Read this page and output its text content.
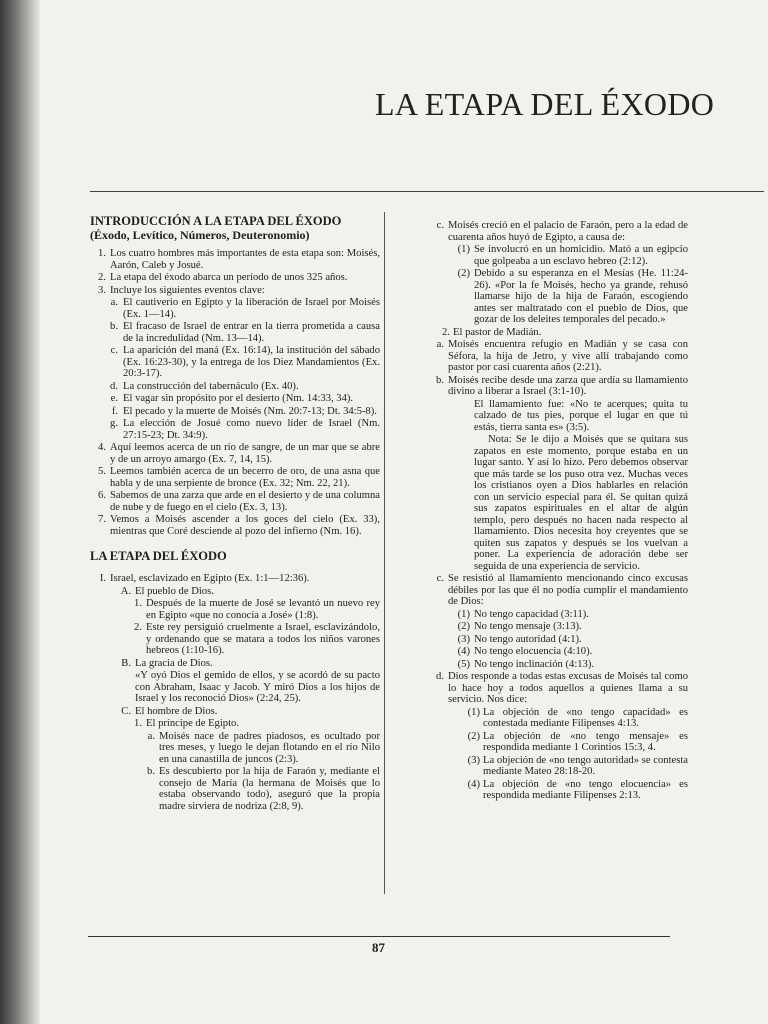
LA ETAPA DEL ÉXODO
INTRODUCCIÓN A LA ETAPA DEL ÉXODO
(Éxodo, Levítico, Números, Deuteronomio)
1. Los cuatro hombres más importantes de esta etapa son: Moisés, Aarón, Caleb y Josué.
2. La etapa del éxodo abarca un período de unos 325 años.
3. Incluye los siguientes eventos clave:
a. El cautiverio en Egipto y la liberación de Israel por Moisés (Ex. 1—14).
b. El fracaso de Israel de entrar en la tierra prometida a causa de la incredulidad (Nm. 13—14).
c. La aparición del maná (Ex. 16:14), la institución del sábado (Ex. 16:23-30), y la entrega de los Diez Mandamientos (Ex. 20:3-17).
d. La construcción del tabernáculo (Ex. 40).
e. El vagar sin propósito por el desierto (Nm. 14:33, 34).
f. El pecado y la muerte de Moisés (Nm. 20:7-13; Dt. 34:5-8).
g. La elección de Josué como nuevo líder de Israel (Nm. 27:15-23; Dt. 34:9).
4. Aquí leemos acerca de un río de sangre, de un mar que se abre y de un arroyo amargo (Ex. 7, 14, 15).
5. Leemos también acerca de un becerro de oro, de una asna que habla y de una serpiente de bronce (Ex. 32; Nm. 22, 21).
6. Sabemos de una zarza que arde en el desierto y de una columna de nube y de fuego en el cielo (Ex. 3, 13).
7. Vemos a Moisés ascender a los goces del cielo (Ex. 33), mientras que Coré desciende al pozo del infierno (Nm. 16).
LA ETAPA DEL ÉXODO
I. Israel, esclavizado en Egipto (Ex. 1:1—12:36).
A. El pueblo de Dios.
1. Después de la muerte de José se levantó un nuevo rey en Egipto «que no conocía a José» (1:8).
2. Este rey persiguió cruelmente a Israel, esclavizándolo, y ordenando que se matara a todos los niños varones hebreos (1:10-16).
B. La gracia de Dios.
«Y oyó Dios el gemido de ellos, y se acordó de su pacto con Abraham, Isaac y Jacob. Y miró Dios a los hijos de Israel y los reconoció Dios» (2:24, 25).
C. El hombre de Dios.
1. El príncipe de Egipto.
a. Moisés nace de padres piadosos, es ocultado por tres meses, y luego le dejan flotando en el río Nilo en una canastilla de juncos (2:3).
b. Es descubierto por la hija de Faraón y, mediante el consejo de María (la hermana de Moisés que lo estaba observando todo), aseguró que la propia madre sirviera de nodriza (2:8, 9).
c. Moisés creció en el palacio de Faraón, pero a la edad de cuarenta años huyó de Egipto, a causa de:
(1) Se involucró en un homicidio. Mató a un egipcio que golpeaba a un esclavo hebreo (2:12).
(2) Debido a su esperanza en el Mesías (He. 11:24-26). «Por la fe Moisés, hecho ya grande, rehusó llamarse hijo de la hija de Faraón, escogiendo antes ser maltratado con el pueblo de Dios, que gozar de los deleites temporales del pecado.»
2. El pastor de Madián.
a. Moisés encuentra refugio en Madián y se casa con Séfora, la hija de Jetro, y vive allí trabajando como pastor por casi cuarenta años (2:21).
b. Moisés recibe desde una zarza que ardía su llamamiento divino a liberar a Israel (3:1-10).
El llamamiento fue: «No te acerques; quita tu calzado de tus pies, porque el lugar en que tú estás, tierra santa es» (3:5).
Nota: Se le dijo a Moisés que se quitara sus zapatos en este momento, porque estaba en un lugar santo. Y así lo hizo. Pero debemos observar que más tarde se los puso otra vez. Muchas veces los cristianos oyen a Dios hablarles en relación con un servicio especial para él. Se quitan quizá sus zapatos espirituales en el altar de algún templo, pero después no hacen nada respecto al llamamiento. Dios necesita hoy creyentes que se quiten sus zapatos y después se los vuelvan a poner. La experiencia de adoración debe ser seguida de una experiencia de servicio.
c. Se resistió al llamamiento mencionando cinco excusas débiles por las que él no podía cumplir el mandamiento de Dios:
(1) No tengo capacidad (3:11).
(2) No tengo mensaje (3:13).
(3) No tengo autoridad (4:1).
(4) No tengo elocuencia (4:10).
(5) No tengo inclinación (4:13).
d. Dios responde a todas estas excusas de Moisés tal como lo hace hoy a todos aquellos a quienes llama a su servicio. Nos dice:
(1) La objeción de «no tengo capacidad» es contestada mediante Filipenses 4:13.
(2) La objeción de «no tengo mensaje» es respondida mediante 1 Corintios 15:3, 4.
(3) La objeción de «no tengo autoridad» se contesta mediante Mateo 28:18-20.
(4) La objeción de «no tengo elocuencia» es respondida mediante Filipenses 2:13.
87
